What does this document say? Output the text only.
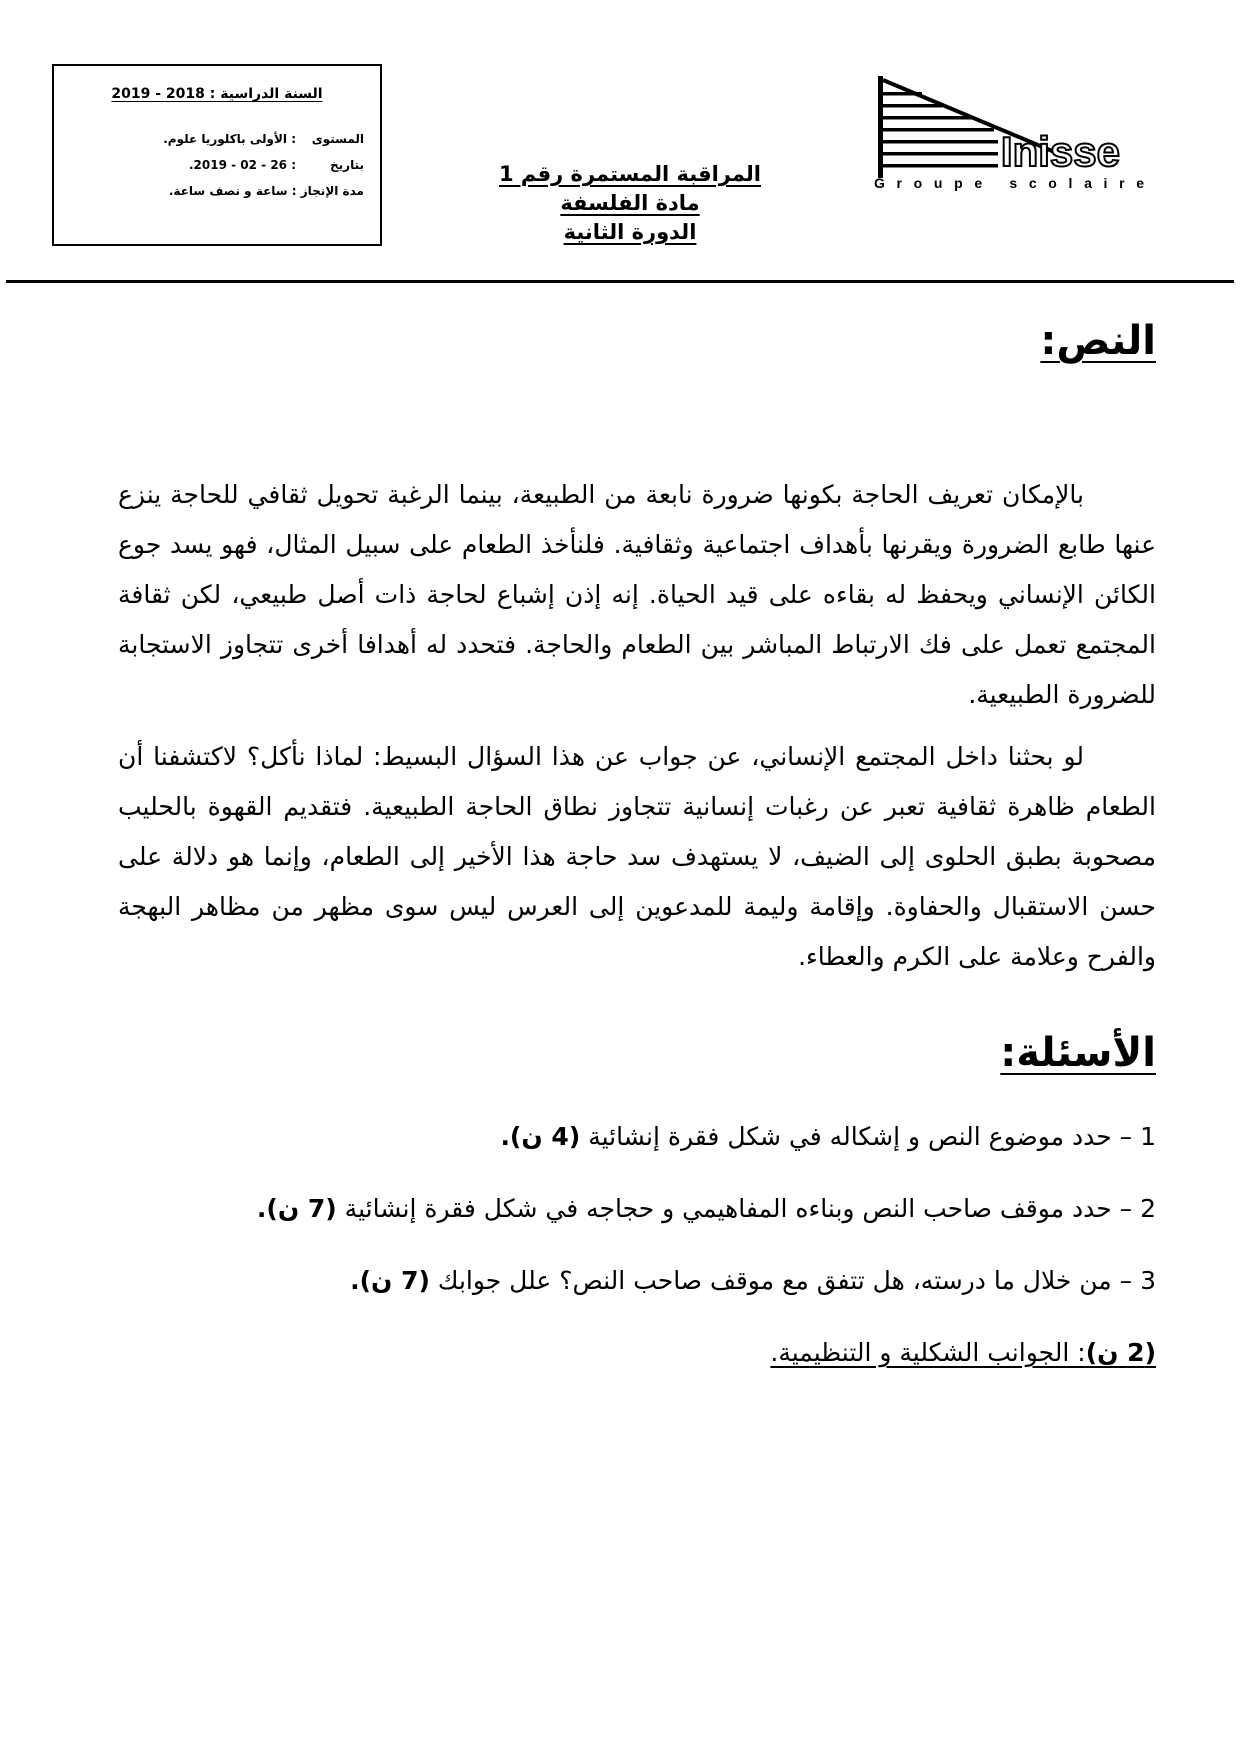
السنة الدراسية : 2018 - 2019
المستوى: الأولى باكلوريا علوم.
بتاريخ: 26 - 02 - 2019.
مدة الإنجاز : ساعة و نصف ساعة.
المراقبة المستمرة رقم 1
مادة الفلسفة
الدورة الثانية
Inisse
Groupe scolaire
النص:

بالإمكان تعريف الحاجة بكونها ضرورة نابعة من الطبيعة، بينما الرغبة تحويل ثقافي للحاجة ينزع عنها طابع الضرورة ويقرنها بأهداف اجتماعية وثقافية. فلنأخذ الطعام على سبيل المثال، فهو يسد جوع الكائن الإنساني ويحفظ له بقاءه على قيد الحياة. إنه إذن إشباع لحاجة ذات أصل طبيعي، لكن ثقافة المجتمع تعمل على فك الارتباط المباشر بين الطعام والحاجة. فتحدد له أهدافا أخرى تتجاوز الاستجابة للضرورة الطبيعية.

لو بحثنا داخل المجتمع الإنساني، عن جواب عن هذا السؤال البسيط: لماذا نأكل؟ لاكتشفنا أن الطعام ظاهرة ثقافية تعبر عن رغبات إنسانية تتجاوز نطاق الحاجة الطبيعية. فتقديم القهوة بالحليب مصحوبة بطبق الحلوى إلى الضيف، لا يستهدف سد حاجة هذا الأخير إلى الطعام، وإنما هو دلالة على حسن الاستقبال والحفاوة. وإقامة وليمة للمدعوين إلى العرس ليس سوى مظهر من مظاهر البهجة والفرح وعلامة على الكرم والعطاء.

الأسئلة:
1 – حدد موضوع النص و إشكاله في شكل فقرة إنشائية (4 ن).
2 – حدد موقف صاحب النص وبناءه المفاهيمي و حجاجه في شكل فقرة إنشائية (7 ن).
3 – من خلال ما درسته، هل تتفق مع موقف صاحب النص؟ علل جوابك (7 ن).
(2 ن): الجوانب الشكلية و التنظيمية.
